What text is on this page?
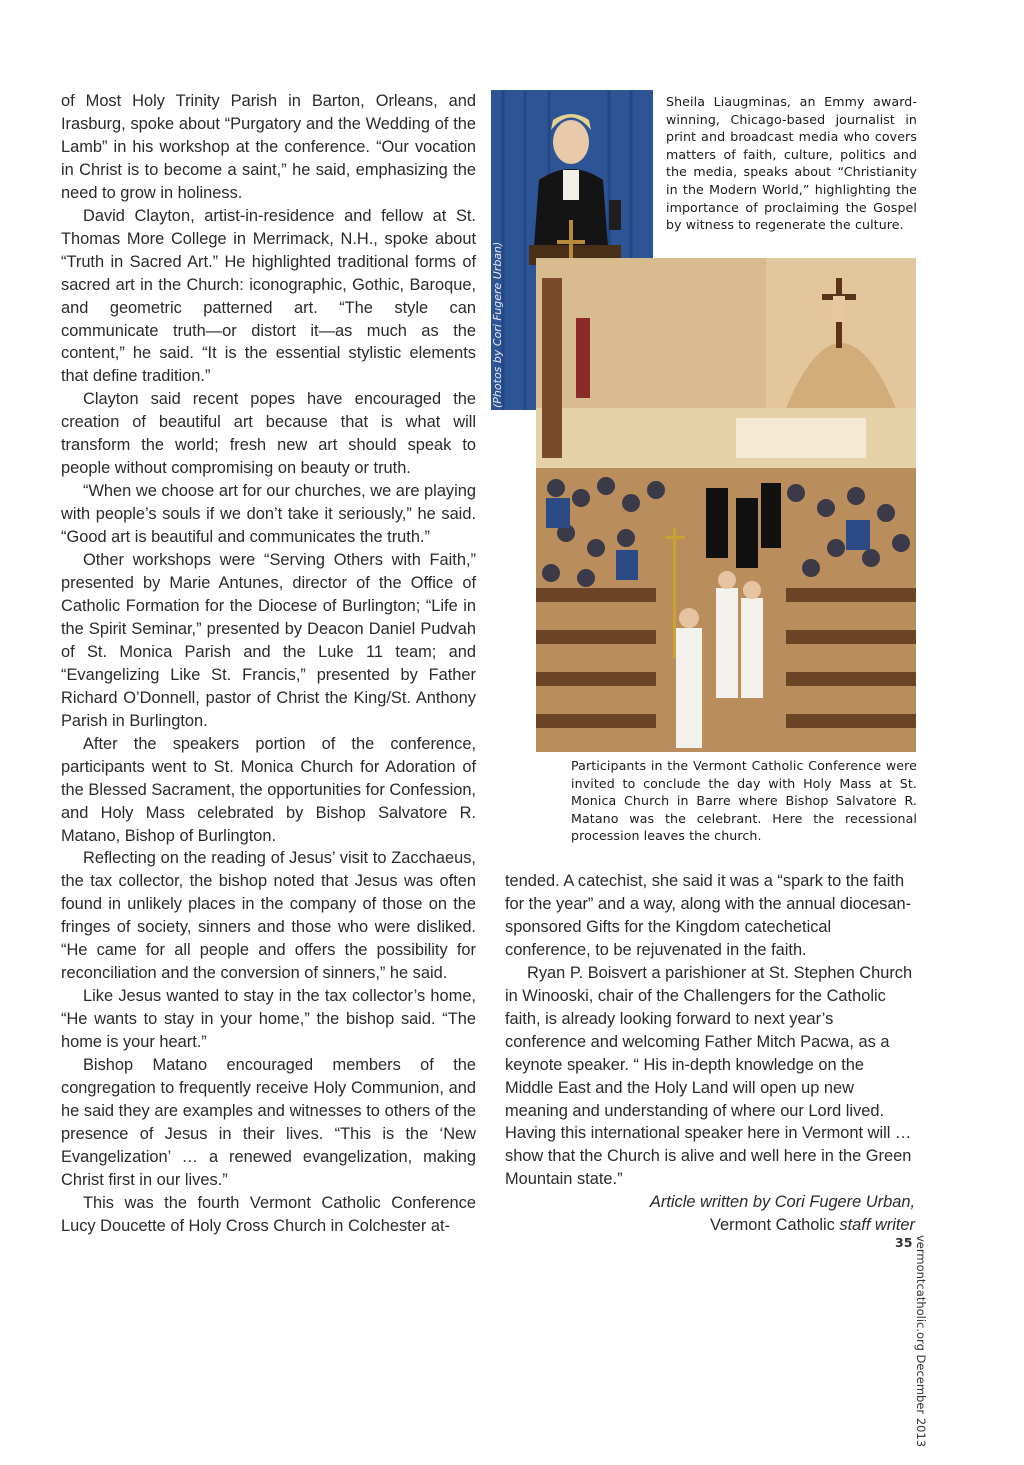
of Most Holy Trinity Parish in Barton, Orleans, and Irasburg, spoke about “Purgatory and the Wedding of the Lamb” in his workshop at the conference. “Our vocation in Christ is to become a saint,” he said, emphasizing the need to grow in holiness.

David Clayton, artist-in-residence and fellow at St. Thomas More College in Merrimack, N.H., spoke about “Truth in Sacred Art.” He highlighted traditional forms of sacred art in the Church: iconographic, Gothic, Baroque, and geometric patterned art. “The style can communicate truth—or distort it—as much as the content,” he said. “It is the essential stylistic elements that define tradition.”

Clayton said recent popes have encouraged the creation of beautiful art because that is what will transform the world; fresh new art should speak to people without compromising on beauty or truth.

“When we choose art for our churches, we are playing with people’s souls if we don’t take it seriously,” he said. “Good art is beautiful and communicates the truth.”

Other workshops were “Serving Others with Faith,” presented by Marie Antunes, director of the Office of Catholic Formation for the Diocese of Burlington; “Life in the Spirit Seminar,” presented by Deacon Daniel Pudvah of St. Monica Parish and the Luke 11 team; and “Evangelizing Like St. Francis,” presented by Father Richard O’Donnell, pastor of Christ the King/St. Anthony Parish in Burlington.

After the speakers portion of the conference, participants went to St. Monica Church for Adoration of the Blessed Sacrament, the opportunities for Confession, and Holy Mass celebrated by Bishop Salvatore R. Matano, Bishop of Burlington.

Reflecting on the reading of Jesus’ visit to Zacchaeus, the tax collector, the bishop noted that Jesus was often found in unlikely places in the company of those on the fringes of society, sinners and those who were disliked. “He came for all people and offers the possibility for reconciliation and the conversion of sinners,” he said.

Like Jesus wanted to stay in the tax collector’s home, “He wants to stay in your home,” the bishop said. “The home is your heart.”

Bishop Matano encouraged members of the congregation to frequently receive Holy Communion, and he said they are examples and witnesses to others of the presence of Jesus in their lives. “This is the ‘New Evangelization’ … a renewed evangelization, making Christ first in our lives.”

This was the fourth Vermont Catholic Conference Lucy Doucette of Holy Cross Church in Colchester at-

(Photos by Cori Fugere Urban)
Sheila Liaugminas, an Emmy award-winning, Chicago-based journalist in print and broadcast media who covers matters of faith, culture, politics and the media, speaks about “Christianity in the Modern World,” highlighting the importance of proclaiming the Gospel by witness to regenerate the culture.
Participants in the Vermont Catholic Conference were invited to conclude the day with Holy Mass at St. Monica Church in Barre where Bishop Salvatore R. Matano was the celebrant. Here the recessional procession leaves the church.

tended. A catechist, she said it was a “spark to the faith for the year” and a way, along with the annual diocesan-sponsored Gifts for the Kingdom catechetical conference, to be rejuvenated in the faith.

Ryan P. Boisvert a parishioner at St. Stephen Church in Winooski, chair of the Challengers for the Catholic faith, is already looking forward to next year’s conference and welcoming Father Mitch Pacwa, as a keynote speaker. “ His in-depth knowledge on the Middle East and the Holy Land will open up new meaning and understanding of where our Lord lived. Having this international speaker here in Vermont will … show that the Church is alive and well here in the Green Mountain state.”

Article written by Cori Fugere Urban,
Vermont Catholic staff writer
vermontcatholic.org December 2013
35
